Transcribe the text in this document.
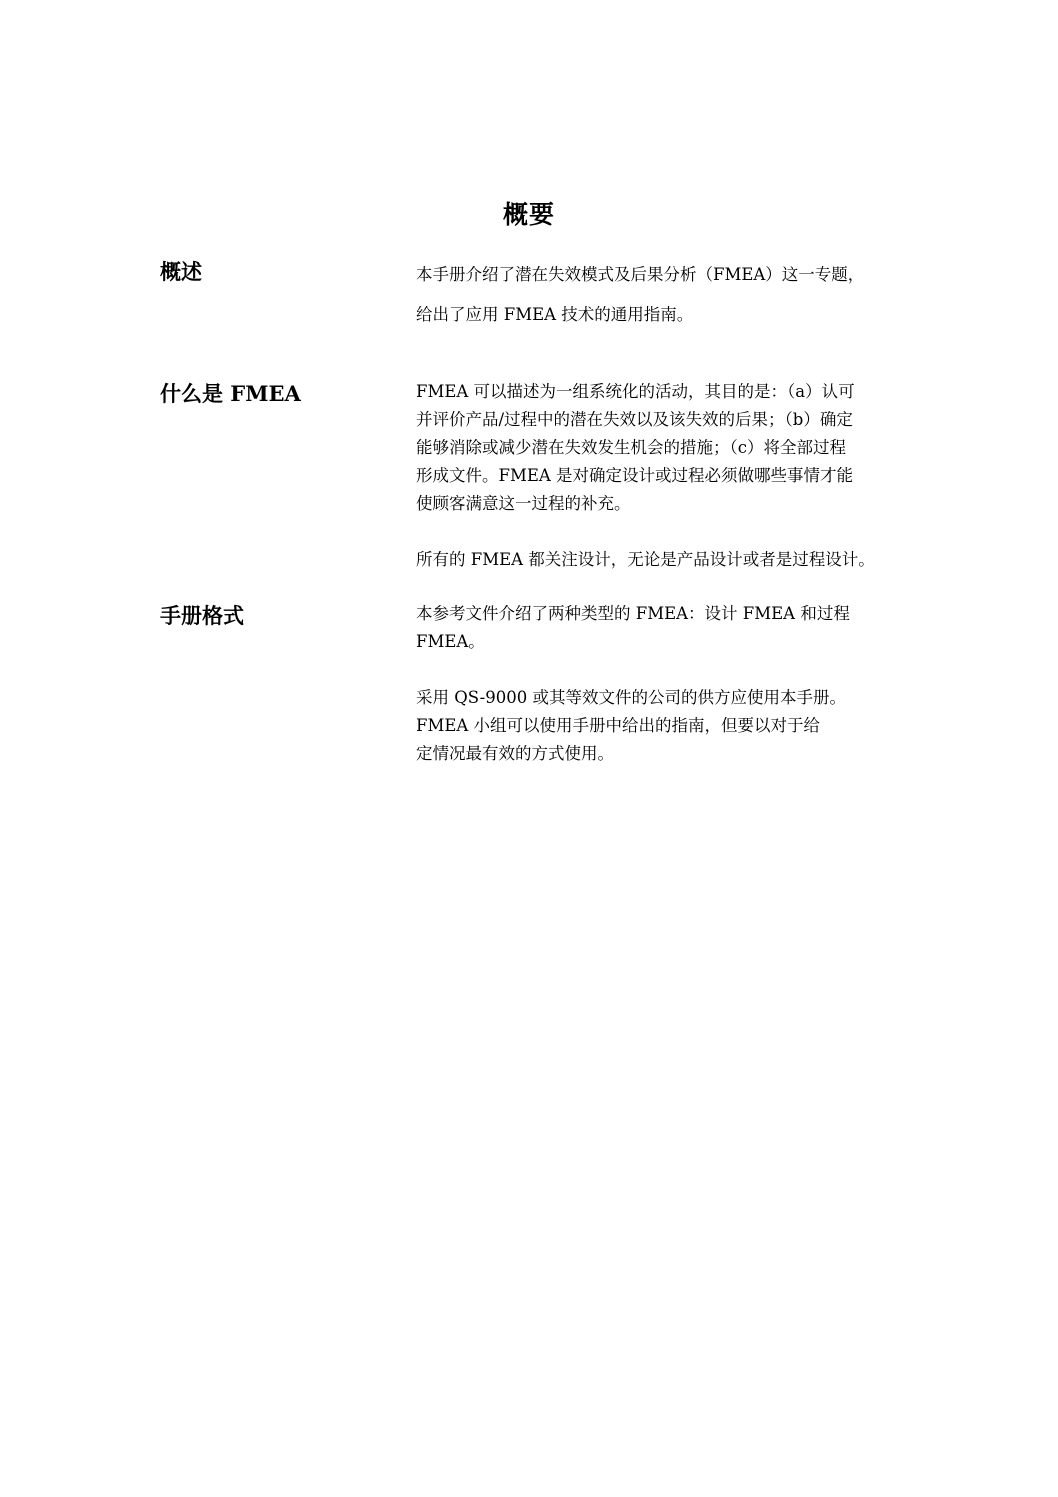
概要
概述	本手册介绍了潜在失效模式及后果分析（FMEA）这一专题，
给出了应用 FMEA 技术的通用指南。

什么是 FMEA	FMEA 可以描述为一组系统化的活动，其目的是：（a）认可
并评价产品/过程中的潜在失效以及该失效的后果；（b）确定
能够消除或减少潜在失效发生机会的措施；（c）将全部过程
形成文件。FMEA 是对确定设计或过程必须做哪些事情才能
使顾客满意这一过程的补充。

所有的 FMEA 都关注设计，无论是产品设计或者是过程设计。

手册格式	本参考文件介绍了两种类型的 FMEA：设计 FMEA 和过程
FMEA。

采用 QS-9000 或其等效文件的公司的供方应使用本手册。
FMEA 小组可以使用手册中给出的指南，但要以对于给
定情况最有效的方式使用。
